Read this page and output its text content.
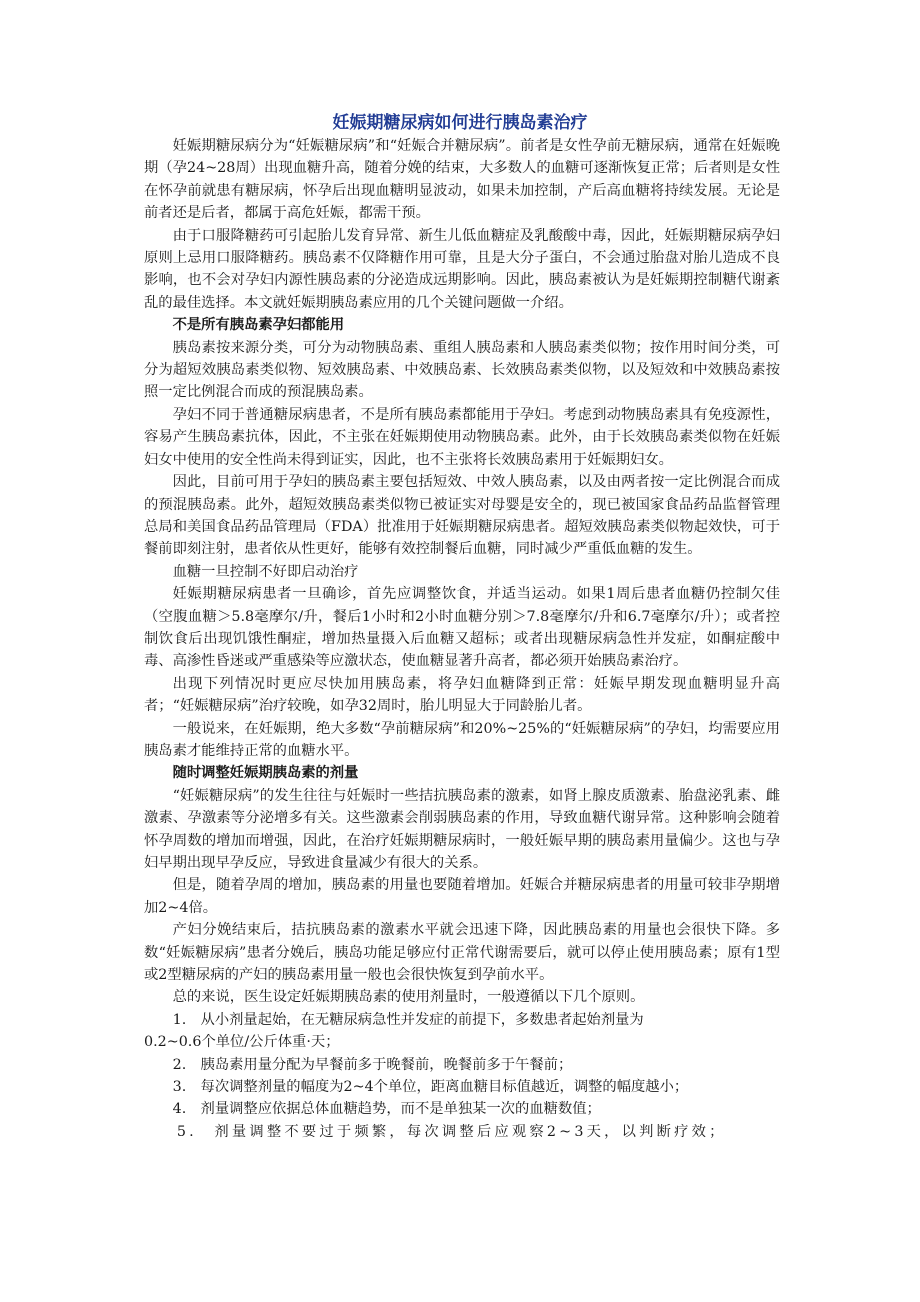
妊娠期糖尿病如何进行胰岛素治疗

妊娠期糖尿病分为“妊娠糖尿病”和“妊娠合并糖尿病”。前者是女性孕前无糖尿病，通常在妊娠晚期（孕24~28周）出现血糖升高，随着分娩的结束，大多数人的血糖可逐渐恢复正常；后者则是女性在怀孕前就患有糖尿病，怀孕后出现血糖明显波动，如果未加控制，产后高血糖将持续发展。无论是前者还是后者，都属于高危妊娠，都需干预。

由于口服降糖药可引起胎儿发育异常、新生儿低血糖症及乳酸酸中毒，因此，妊娠期糖尿病孕妇原则上忌用口服降糖药。胰岛素不仅降糖作用可靠，且是大分子蛋白，不会通过胎盘对胎儿造成不良影响，也不会对孕妇内源性胰岛素的分泌造成远期影响。因此，胰岛素被认为是妊娠期控制糖代谢紊乱的最佳选择。本文就妊娠期胰岛素应用的几个关键问题做一介绍。

不是所有胰岛素孕妇都能用

胰岛素按来源分类，可分为动物胰岛素、重组人胰岛素和人胰岛素类似物；按作用时间分类，可分为超短效胰岛素类似物、短效胰岛素、中效胰岛素、长效胰岛素类似物，以及短效和中效胰岛素按照一定比例混合而成的预混胰岛素。

孕妇不同于普通糖尿病患者，不是所有胰岛素都能用于孕妇。考虑到动物胰岛素具有免疫源性，容易产生胰岛素抗体，因此，不主张在妊娠期使用动物胰岛素。此外，由于长效胰岛素类似物在妊娠妇女中使用的安全性尚未得到证实，因此，也不主张将长效胰岛素用于妊娠期妇女。

因此，目前可用于孕妇的胰岛素主要包括短效、中效人胰岛素，以及由两者按一定比例混合而成的预混胰岛素。此外，超短效胰岛素类似物已被证实对母婴是安全的，现已被国家食品药品监督管理总局和美国食品药品管理局（FDA）批准用于妊娠期糖尿病患者。超短效胰岛素类似物起效快，可于餐前即刻注射，患者依从性更好，能够有效控制餐后血糖，同时减少严重低血糖的发生。

血糖一旦控制不好即启动治疗

妊娠期糖尿病患者一旦确诊，首先应调整饮食，并适当运动。如果1周后患者血糖仍控制欠佳（空腹血糖＞5.8毫摩尔/升，餐后1小时和2小时血糖分别＞7.8毫摩尔/升和6.7毫摩尔/升）；或者控制饮食后出现饥饿性酮症，增加热量摄入后血糖又超标；或者出现糖尿病急性并发症，如酮症酸中毒、高渗性昏迷或严重感染等应激状态，使血糖显著升高者，都必须开始胰岛素治疗。

出现下列情况时更应尽快加用胰岛素，将孕妇血糖降到正常：妊娠早期发现血糖明显升高者；“妊娠糖尿病”治疗较晚，如孕32周时，胎儿明显大于同龄胎儿者。

一般说来，在妊娠期，绝大多数“孕前糖尿病”和20%~25%的“妊娠糖尿病”的孕妇，均需要应用胰岛素才能维持正常的血糖水平。

随时调整妊娠期胰岛素的剂量

“妊娠糖尿病”的发生往往与妊娠时一些拮抗胰岛素的激素，如肾上腺皮质激素、胎盘泌乳素、雌激素、孕激素等分泌增多有关。这些激素会削弱胰岛素的作用，导致血糖代谢异常。这种影响会随着怀孕周数的增加而增强，因此，在治疗妊娠期糖尿病时，一般妊娠早期的胰岛素用量偏少。这也与孕妇早期出现早孕反应，导致进食量减少有很大的关系。

但是，随着孕周的增加，胰岛素的用量也要随着增加。妊娠合并糖尿病患者的用量可较非孕期增加2~4倍。

产妇分娩结束后，拮抗胰岛素的激素水平就会迅速下降，因此胰岛素的用量也会很快下降。多数“妊娠糖尿病”患者分娩后，胰岛功能足够应付正常代谢需要后，就可以停止使用胰岛素；原有1型或2型糖尿病的产妇的胰岛素用量一般也会很快恢复到孕前水平。

总的来说，医生设定妊娠期胰岛素的使用剂量时，一般遵循以下几个原则。

1.　从小剂量起始，在无糖尿病急性并发症的前提下，多数患者起始剂量为

0.2~0.6个单位/公斤体重·天；

2.　胰岛素用量分配为早餐前多于晚餐前，晚餐前多于午餐前；

3.　每次调整剂量的幅度为2~4个单位，距离血糖目标值越近，调整的幅度越小；

4.　剂量调整应依据总体血糖趋势，而不是单独某一次的血糖数值；

5.　剂量调整不要过于频繁，每次调整后应观察2~3天，以判断疗效；
